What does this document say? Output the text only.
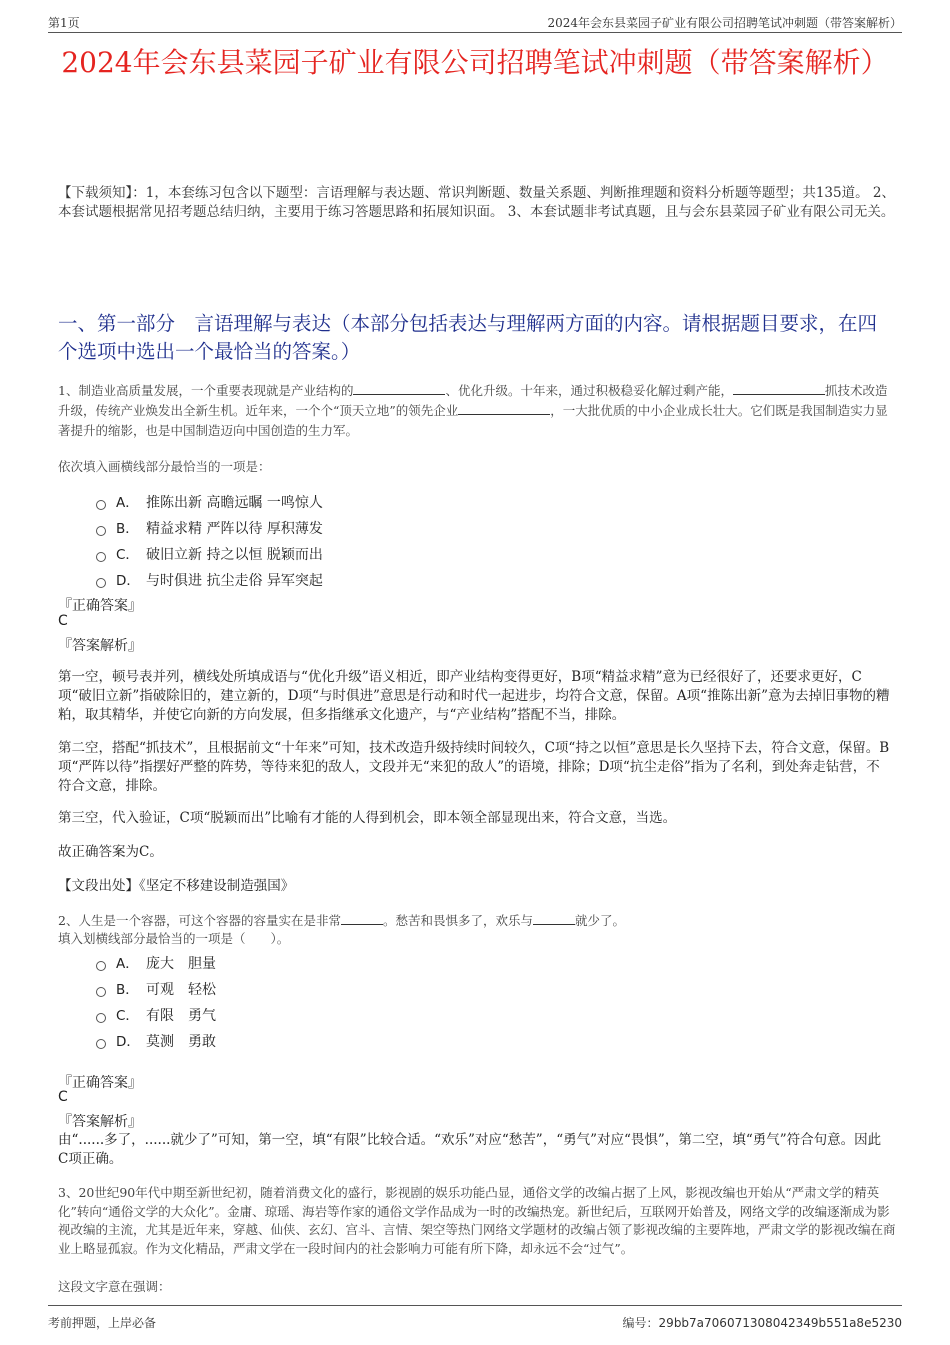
第1页	2024年会东县菜园子矿业有限公司招聘笔试冲刺题（带答案解析）
2024年会东县菜园子矿业有限公司招聘笔试冲刺题（带答案解析）
【下载须知】：1，本套练习包含以下题型：言语理解与表达题、常识判断题、数量关系题、判断推理题和资料分析题等题型；共135道。 2、本套试题根据常见招考题总结归纳，主要用于练习答题思路和拓展知识面。 3、本套试题非考试真题，且与会东县菜园子矿业有限公司无关。
一、第一部分　言语理解与表达（本部分包括表达与理解两方面的内容。请根据题目要求，在四个选项中选出一个最恰当的答案。）
1、制造业高质量发展，一个重要表现就是产业结构的	、优化升级。十年来，通过积极稳妥化解过剩产能，	抓技术改造升级，传统产业焕发出全新生机。近年来，一个个“顶天立地”的领先企业	，一大批优质的中小企业成长壮大。它们既是我国制造实力显著提升的缩影，也是中国制造迈向中国创造的生力军。
依次填入画横线部分最恰当的一项是：
A． 推陈出新 高瞻远瞩 一鸣惊人
B． 精益求精 严阵以待 厚积薄发
C． 破旧立新 持之以恒 脱颖而出
D． 与时俱进 抗尘走俗 异军突起
『正确答案』
C
『答案解析』
第一空，顿号表并列，横线处所填成语与“优化升级”语义相近，即产业结构变得更好，B项“精益求精”意为已经很好了，还要求更好，C项“破旧立新”指破除旧的，建立新的，D项“与时俱进”意思是行动和时代一起进步，均符合文意，保留。A项“推陈出新”意为去掉旧事物的糟粕，取其精华，并使它向新的方向发展，但多指继承文化遗产，与“产业结构”搭配不当，排除。
第二空，搭配“抓技术”，且根据前文“十年来”可知，技术改造升级持续时间较久，C项“持之以恒”意思是长久坚持下去，符合文意，保留。B项“严阵以待”指摆好严整的阵势，等待来犯的敌人，文段并无“来犯的敌人”的语境，排除；D项“抗尘走俗”指为了名利，到处奔走钻营，不符合文意，排除。
第三空，代入验证，C项“脱颖而出”比喻有才能的人得到机会，即本领全部显现出来，符合文意，当选。
故正确答案为C。
【文段出处】《坚定不移建设制造强国》
2、人生是一个容器，可这个容器的容量实在是非常	。愁苦和畏惧多了，欢乐与	就少了。
填入划横线部分最恰当的一项是（　　）。
A． 庞大　胆量
B． 可观　轻松
C． 有限　勇气
D． 莫测　勇敢
『正确答案』
C
『答案解析』
由“......多了，......就少了”可知，第一空，填“有限”比较合适。“欢乐”对应“愁苦”，“勇气”对应“畏惧”，第二空，填“勇气”符合句意。因此C项正确。
3、20世纪90年代中期至新世纪初，随着消费文化的盛行，影视剧的娱乐功能凸显，通俗文学的改编占据了上风，影视改编也开始从“严肃文学的精英化”转向“通俗文学的大众化”。金庸、琼瑶、海岩等作家的通俗文学作品成为一时的改编热宠。新世纪后，互联网开始普及，网络文学的改编逐渐成为影视改编的主流，尤其是近年来，穿越、仙侠、玄幻、宫斗、言情、架空等热门网络文学题材的改编占领了影视改编的主要阵地，严肃文学的影视改编在商业上略显孤寂。作为文化精品，严肃文学在一段时间内的社会影响力可能有所下降，却永远不会“过气”。
这段文字意在强调：
考前押题，上岸必备	编号：29bb7a706071308042349b551a8e5230
